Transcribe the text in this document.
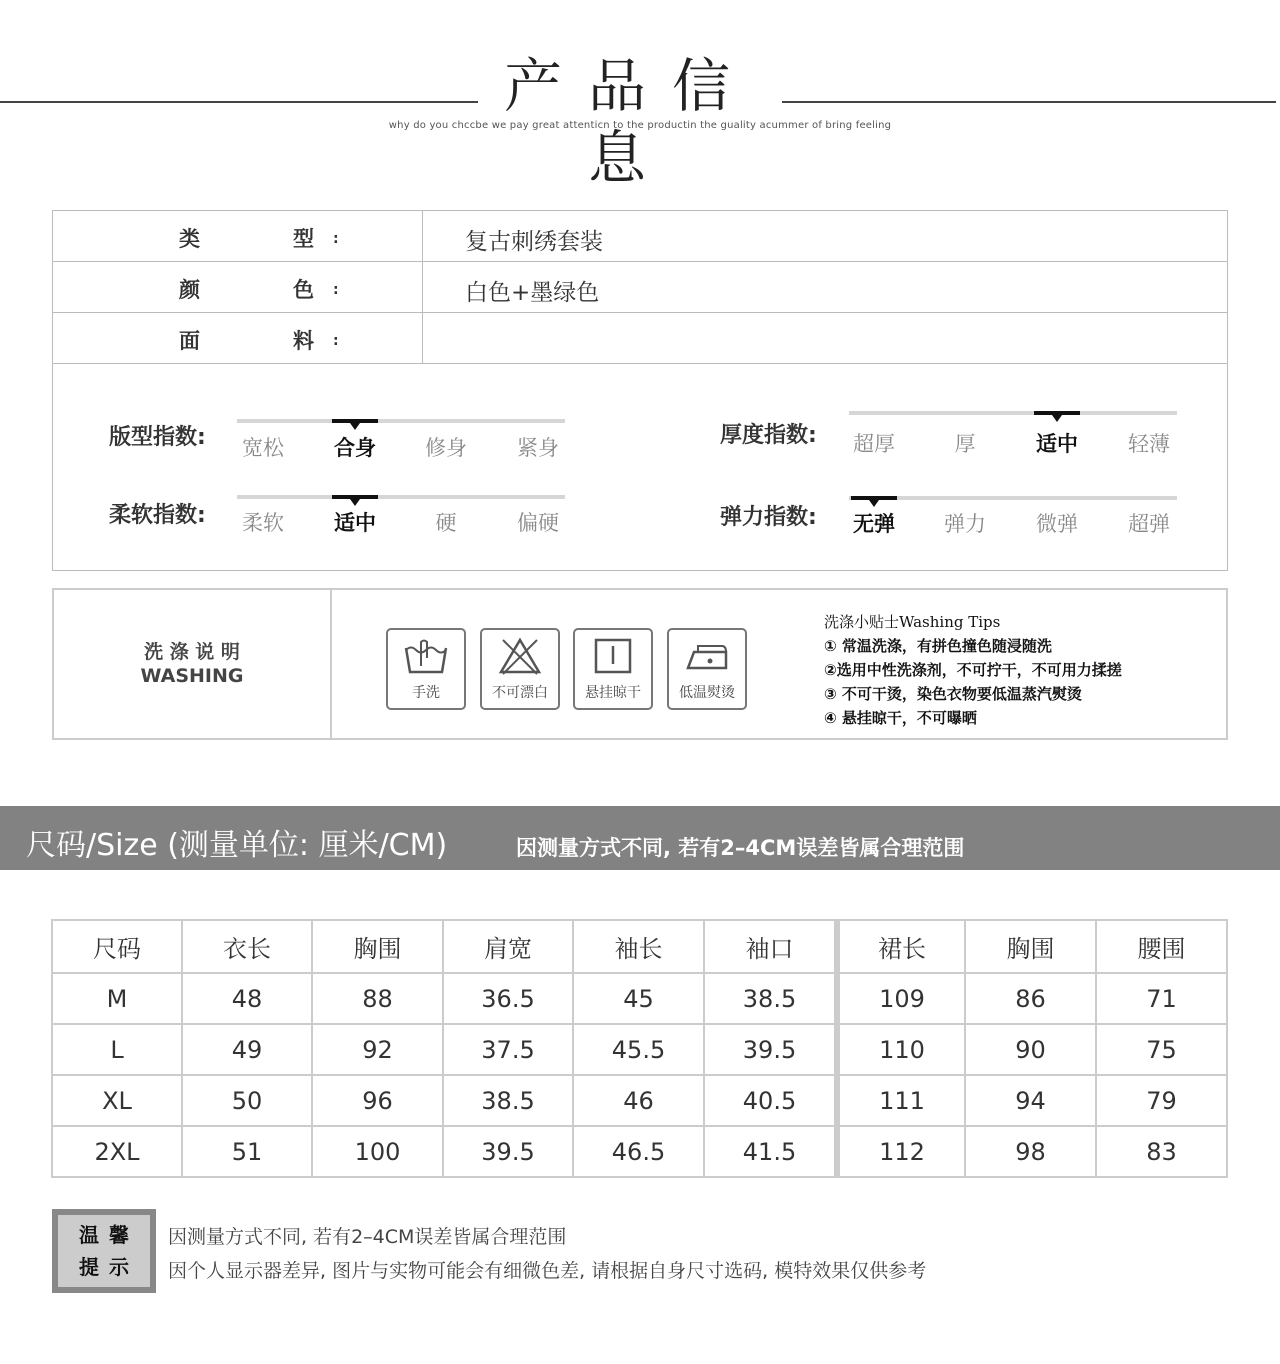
产品信息
why do you chccbe we pay great attenticn to the productin the guality acummer of bring feeling
类	型 :	复古刺绣套装
颜	色 :	白色+墨绿色
面	料 :
版型指数:	宽松	合身	修身	紧身
柔软指数:	柔软	适中	硬	偏硬
厚度指数:	超厚	厚	适中	轻薄
弹力指数:	无弹	弹力	微弹	超弹
洗 涤 说 明
WASHING
手洗	不可漂白	悬挂晾干	低温熨烫
洗涤小贴士Washing Tips
① 常温洗涤，有拼色撞色随浸随洗
②选用中性洗涤剂，不可拧干，不可用力揉搓
③ 不可干烫，染色衣物要低温蒸汽熨烫
④ 悬挂晾干，不可曝晒
尺码/Size (测量单位: 厘米/CM)	因测量方式不同, 若有2–4CM误差皆属合理范围
尺码	衣长	胸围	肩宽	袖长	袖口	裙长	胸围	腰围
M	48	88	36.5	45	38.5	109	86	71
L	49	92	37.5	45.5	39.5	110	90	75
XL	50	96	38.5	46	40.5	111	94	79
2XL	51	100	39.5	46.5	41.5	112	98	83
温馨
提示
因测量方式不同, 若有2–4CM误差皆属合理范围
因个人显示器差异, 图片与实物可能会有细微色差, 请根据自身尺寸选码, 模特效果仅供参考
